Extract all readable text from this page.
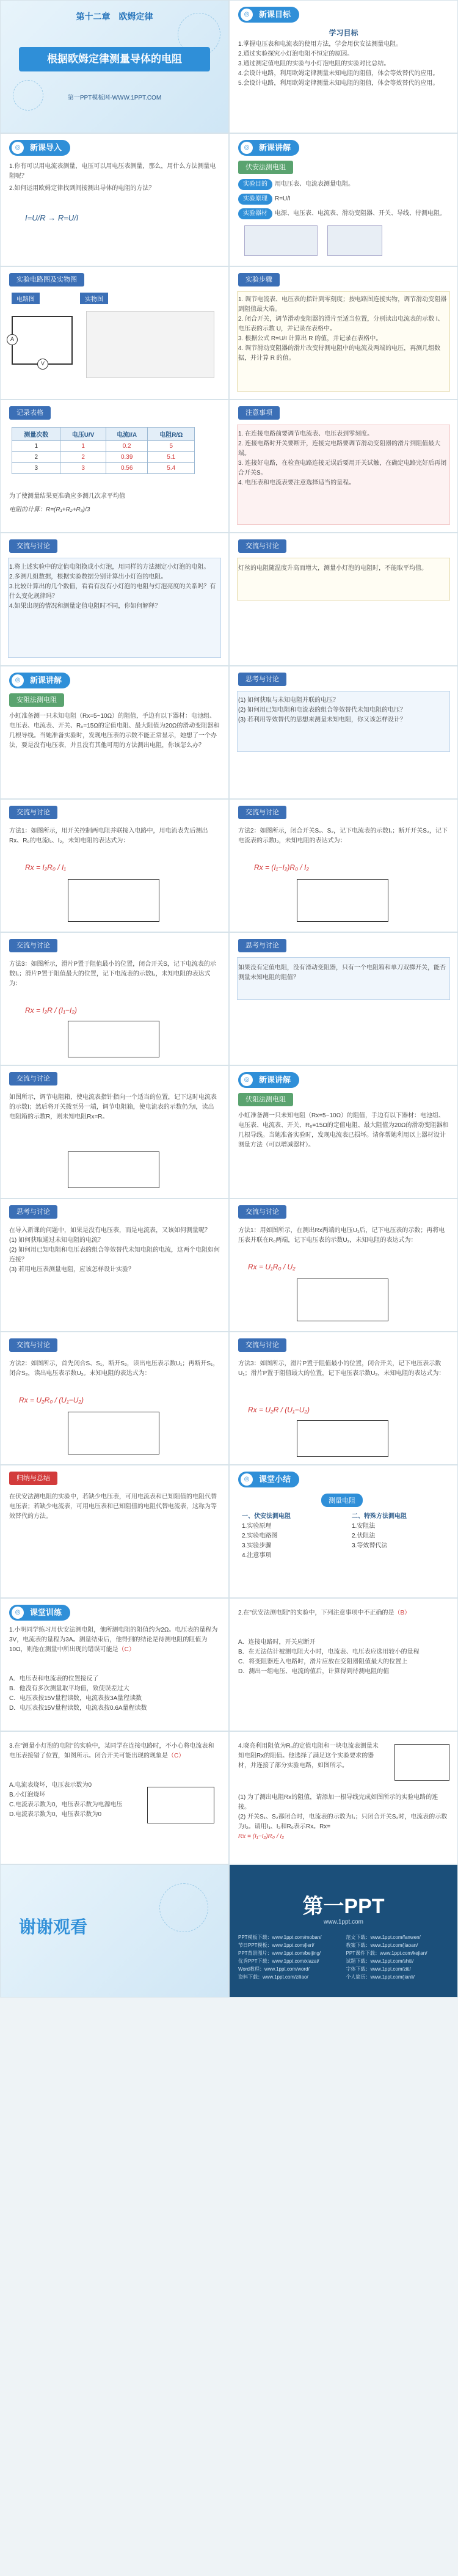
第十二章　欧姆定律
根据欧姆定律测量导体的电阻
第一PPT模板网-WWW.1PPT.COM
◎	新课目标
学习目标
1.掌握电压表和电流表的使用方法，学会用伏安法测量电阻。
2.通过实验探究小灯泡电阻不恒定的原因。
3.通过测定值电阻的实验与小灯泡电阻的实验对比总结。
4.会设计电路，利用欧姆定律测量未知电阻的阻值，体会等效替代的应用。
5.会设计电路，利用欧姆定律测量未知电阻的阻值，体会等效替代的应用。
◎	新课导入
1.你有可以用电流表测量，电压可以用电压表测量，那么，用什么方法测量电阻呢？
2.如何运用欧姆定律找到间接测出导体的电阻的方法？
I=U/R → R=U/I
◎	新课讲解
伏安法测电阻
实验目的 用电压表、电流表测量电阻。
实验原理 R=U/I
实验器材 电源、电压表、电流表、滑动变阻器、开关、导线、待测电阻。
实验电路图及实物图
电路图	实物图
A
V
实验步骤
1. 调节电流表、电压表的指针到零刻度；按电路图连接实物，调节滑动变阻器到阻值最大端。
2. 闭合开关，调节滑动变阻器的滑片至适当位置，分别读出电流表的示数 I、电压表的示数 U，并记录在表格中。
3. 根据公式 R=U/I 计算出 R 的值，并记录在表格中。
4. 调节滑动变阻器的滑片改变待测电阻中的电流及两端的电压，再测几组数据，并计算 R 的值。
记录表格
测量次数	电压U/V	电流I/A	电阻R/Ω
1	1	0.2	5
2	2	0.39	5.1
3	3	0.56	5.4
为了使测量结果更准确应多测几次求平均值
电阻的计算：R=(R₁+R₂+R₃)/3
注意事项
1. 在连接电路前要调节电流表、电压表到零刻度。
2. 连接电路时开关要断开，连接完电路要调节滑动变阻器的滑片到阻值最大端。
3. 连接好电路，在检查电路连接无误后要用开关试触，在确定电路完好后再闭合开关S。
4. 电压表和电流表要注意选择适当的量程。
交流与讨论
1.将上述实验中的定值电阻换成小灯泡，用同样的方法测定小灯泡的电阻。
2.多测几组数据，根据实验数据分别计算出小灯泡的电阻。
3.比较计算出的几个数值，看看有没有小灯泡的电阻与灯泡亮度的关系吗？有什么变化规律吗？
4.如果出现的情况和测量定值电阻时不同，你如何解释？
交流与讨论
灯丝的电阻随温度升高而增大，测量小灯泡的电阻时，不能取平均值。
◎	新课讲解
安阻法测电阻
小虹准备测一只未知电阻（Rx=5~10Ω）的阻值，手边有以下器材：电池组、电压表、电流表、开关、R₀=15Ω的定值电阻、最大阻值为20Ω的滑动变阻器和几根导线。当她准备实验时，发现电压表的示数不能正常显示，她想了一个办法，要是没有电压表，并且没有其他可用的方法测出电阻，你该怎么办？
思考与讨论
(1) 如何获取与未知电阻并联的电压？
(2) 如何用已知电阻和电流表的组合等效替代未知电阻的电压？
(3) 若利用等效替代的思想来测量未知电阻，你又该怎样设计？
交流与讨论
方法1：如图所示，用开关控制两电阻并联接入电路中，用电流表先后测出Rx、R₀的电流I₁、I₂，未知电阻的表达式为：
Rx = I₂R₀ / I₁
交流与讨论
方法2：如图所示，闭合开关S₁、S₂，记下电流表的示数I₁；断开开关S₂，记下电流表的示数I₂，未知电阻的表达式为：
Rx = (I₁−I₂)R₀ / I₂
交流与讨论
方法3：如图所示，滑片P置于阻值最小的位置，闭合开关S，记下电流表的示数I₁；滑片P置于阻值最大的位置，记下电流表的示数I₂，未知电阻的表达式为：
Rx = I₂R / (I₁−I₂)
思考与讨论
如果没有定值电阻，没有滑动变阻器，只有一个电阻箱和单刀双掷开关，能否测量未知电阻的阻值？
交流与讨论
如图所示，调节电阻箱，使电流表指针指向一个适当的位置，记下这时电流表的示数I；然后将开关拨至另一端，调节电阻箱，使电流表的示数仍为I，读出电阻箱的示数R，则未知电阻Rx=R。
◎	新课讲解
伏阻法测电阻
小虹准备测一只未知电阻（Rx=5~10Ω）的阻值，手边有以下器材：电池组、电压表、电流表、开关、R₀=15Ω的定值电阻、最大阻值为20Ω的滑动变阻器和几根导线。当她准备实验时，发现电流表已损坏。请你帮她利用以上器材设计测量方法（可以增减器材）。
思考与讨论
在导入新课的问题中，如果是没有电压表，而是电流表，又该如何测量呢？
(1) 如何获取通过未知电阻的电流？
(2) 如何用已知电阻和电压表的组合等效替代未知电阻的电流，这两个电阻如何连接？
(3) 若用电压表测量电阻，应该怎样设计实验？
交流与讨论
方法1：用如图所示，在测出Rx两端的电压U₁后，记下电压表的示数；再将电压表并联在R₀两端，记下电压表的示数U₂，未知电阻的表达式为：
Rx = U₁R₀ / U₂
交流与讨论
方法2：如图所示，首先闭合S、S₁，断开S₂，读出电压表示数U₁；再断开S₁，闭合S₂，读出电压表示数U₂。未知电阻的表达式为：
Rx = U₂R₀ / (U₁−U₂)
交流与讨论
方法3：如图所示，滑片P置于阻值最小的位置，闭合开关，记下电压表示数U₁；滑片P置于阻值最大的位置，记下电压表示数U₂，未知电阻的表达式为：
Rx = U₂R / (U₁−U₂)
归纳与总结
在伏安法测电阻的实验中，若缺少电压表，可用电流表和已知阻值的电阻代替电压表；若缺少电流表，可用电压表和已知阻值的电阻代替电流表，这称为等效替代的方法。
◎	课堂小结
测量电阻
一、伏安法测电阻
1.实验原理
2.实验电路图
3.实验步骤
4.注意事项
二、特殊方法测电阻
1.安阻法
2.伏阻法
3.等效替代法
◎	课堂训练
1.小明同学练习用伏安法测电阻，他所测电阻的阻值约为2Ω。电压表的量程为3V，电流表的量程为3A。测量结束后，他得到的结论是待测电阻的阻值为10Ω，则他在测量中所出现的错误可能是（C）
A．电压表和电流表的位置接反了
B．他没有多次测量取平均值，致使误差过大
C．电压表按15V量程读数，电流表按3A量程读数
D．电压表按15V量程读数，电流表按0.6A量程读数
2.在"伏安法测电阻"的实验中，下列注意事项中不正确的是（B）
A．连接电路时，开关应断开
B．在无法估计被测电阻大小时，电流表、电压表应选用较小的量程
C．将变阻器连入电路时，滑片应放在变阻器阻值最大的位置上
D．测出一组电压、电流的值后，计算得到待测电阻的值
3.在"测量小灯泡的电阻"的实验中，某同学在连接电路时，不小心将电流表和电压表接错了位置，如图所示。闭合开关可能出现的现象是（C）
A.电流表烧坏，电压表示数为0
B.小灯泡烧坏
C.电流表示数为0，电压表示数为电源电压
D.电流表示数为0，电压表示数为0
4.晓亮利用阻值为R₀的定值电阻和一块电流表测量未知电阻Rx的阻值。他选择了满足这个实验要求的器材，并连接了部分实验电路，如图所示。
(1) 为了测出电阻Rx的阻值，请添加一根导线完成如图所示的实验电路的连接。
(2) 开关S₁、S₂都闭合时，电流表的示数为I₁；只闭合开关S₂时，电流表的示数为I₂。请用I₁、I₂和R₀表示Rx。Rx=
Rx = (I₁−I₂)R₀ / I₂
谢谢观看
第一PPT
www.1ppt.com
PPT模板下载：www.1ppt.com/moban/
节日PPT模板：www.1ppt.com/jieri/
PPT背景图片：www.1ppt.com/beijing/
优秀PPT下载：www.1ppt.com/xiazai/
Word教程：www.1ppt.com/word/
资料下载：www.1ppt.com/ziliao/
范文下载：www.1ppt.com/fanwen/
教案下载：www.1ppt.com/jiaoan/
PPT课件下载：www.1ppt.com/kejian/
试题下载：www.1ppt.com/shiti/
字体下载：www.1ppt.com/ziti/
个人简历：www.1ppt.com/jianli/
